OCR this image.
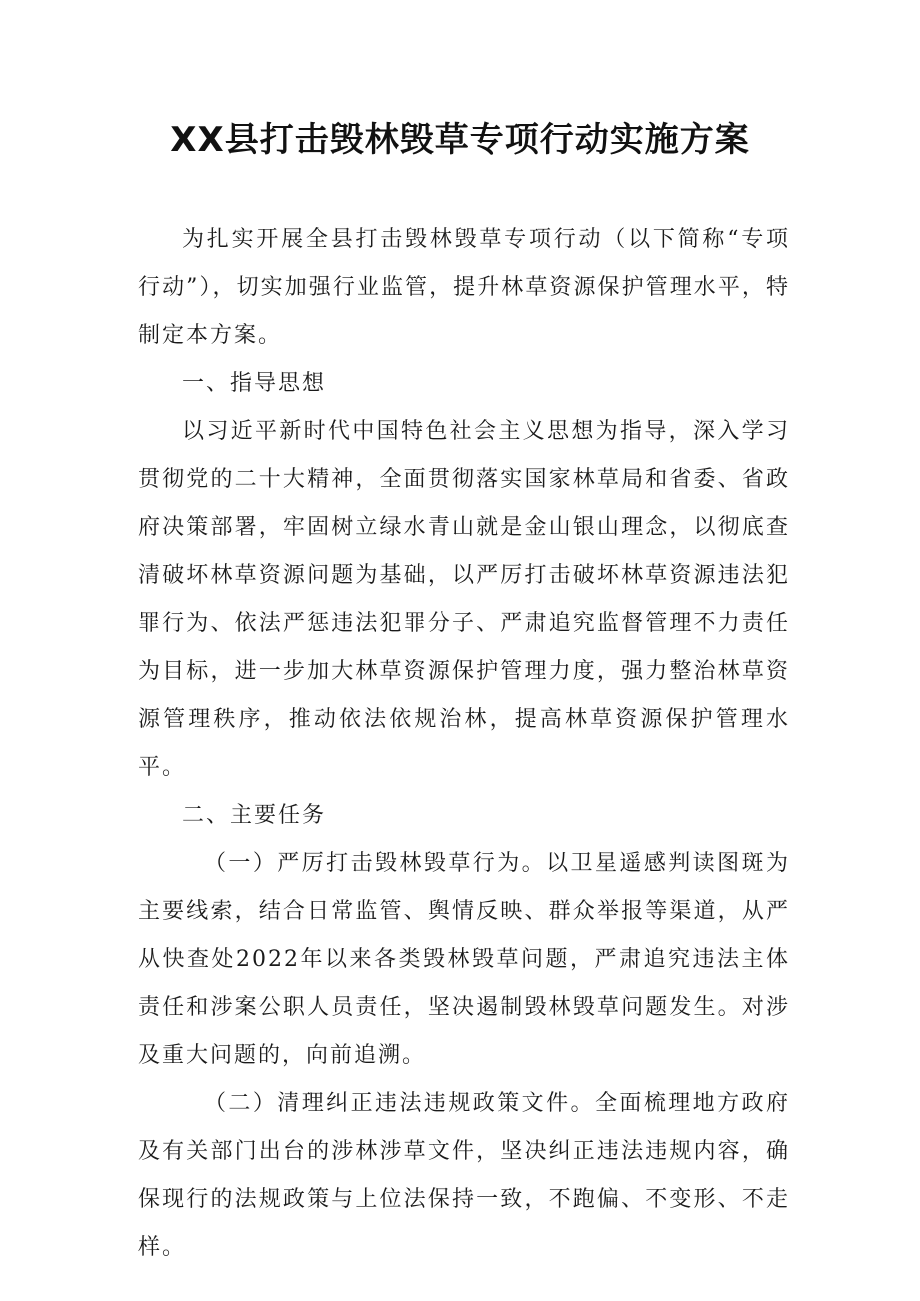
XX县打击毁林毁草专项行动实施方案

为扎实开展全县打击毁林毁草专项行动（以下简称“专项行动”），切实加强行业监管，提升林草资源保护管理水平，特制定本方案。

一、指导思想

以习近平新时代中国特色社会主义思想为指导，深入学习贯彻党的二十大精神，全面贯彻落实国家林草局和省委、省政府决策部署，牢固树立绿水青山就是金山银山理念，以彻底查清破坏林草资源问题为基础，以严厉打击破坏林草资源违法犯罪行为、依法严惩违法犯罪分子、严肃追究监督管理不力责任为目标，进一步加大林草资源保护管理力度，强力整治林草资源管理秩序，推动依法依规治林，提高林草资源保护管理水平。

二、主要任务

（一）严厉打击毁林毁草行为。以卫星遥感判读图斑为主要线索，结合日常监管、舆情反映、群众举报等渠道，从严从快查处2022年以来各类毁林毁草问题，严肃追究违法主体责任和涉案公职人员责任，坚决遏制毁林毁草问题发生。对涉及重大问题的，向前追溯。

（二）清理纠正违法违规政策文件。全面梳理地方政府及有关部门出台的涉林涉草文件，坚决纠正违法违规内容，确保现行的法规政策与上位法保持一致，不跑偏、不变形、不走样。
